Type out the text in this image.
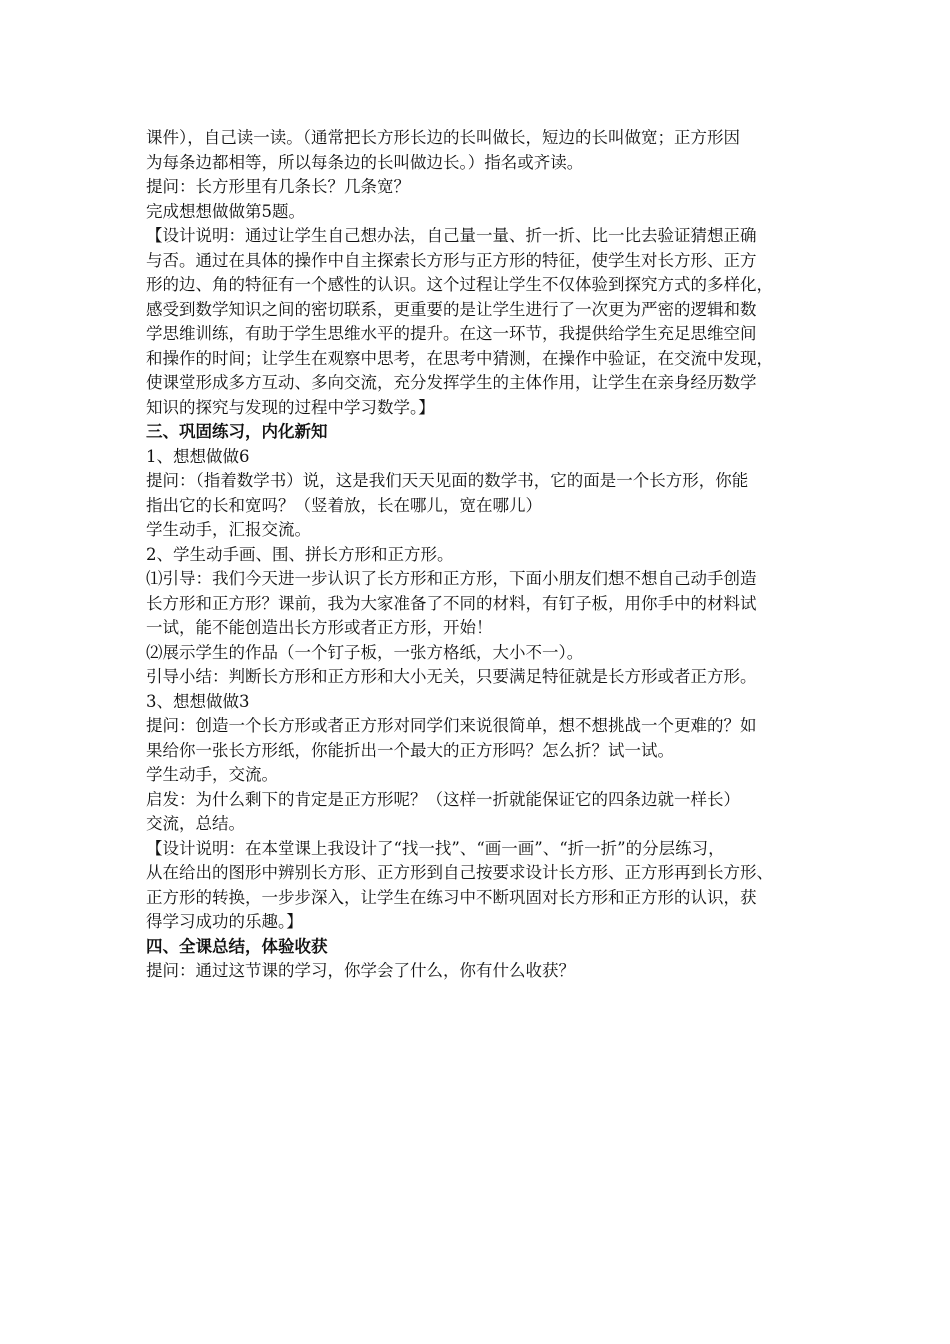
课件），自己读一读。（通常把长方形长边的长叫做长，短边的长叫做宽；正方形因
为每条边都相等，所以每条边的长叫做边长。）指名或齐读。
提问：长方形里有几条长？几条宽？
完成想想做做第5题。
【设计说明：通过让学生自己想办法，自己量一量、折一折、比一比去验证猜想正确
与否。通过在具体的操作中自主探索长方形与正方形的特征，使学生对长方形、正方
形的边、角的特征有一个感性的认识。这个过程让学生不仅体验到探究方式的多样化，
感受到数学知识之间的密切联系，更重要的是让学生进行了一次更为严密的逻辑和数
学思维训练，有助于学生思维水平的提升。在这一环节，我提供给学生充足思维空间
和操作的时间；让学生在观察中思考，在思考中猜测，在操作中验证，在交流中发现，
使课堂形成多方互动、多向交流，充分发挥学生的主体作用，让学生在亲身经历数学
知识的探究与发现的过程中学习数学。】
三、巩固练习，内化新知
1、想想做做6
提问：（指着数学书）说，这是我们天天见面的数学书，它的面是一个长方形，你能
指出它的长和宽吗？（竖着放，长在哪儿，宽在哪儿）
学生动手，汇报交流。
2、学生动手画、围、拼长方形和正方形。
⑴引导：我们今天进一步认识了长方形和正方形，下面小朋友们想不想自己动手创造
长方形和正方形？课前，我为大家准备了不同的材料，有钉子板，用你手中的材料试
一试，能不能创造出长方形或者正方形，开始！
⑵展示学生的作品（一个钉子板，一张方格纸，大小不一）。
引导小结：判断长方形和正方形和大小无关，只要满足特征就是长方形或者正方形。
3、想想做做3
提问：创造一个长方形或者正方形对同学们来说很简单，想不想挑战一个更难的？如
果给你一张长方形纸，你能折出一个最大的正方形吗？怎么折？试一试。
学生动手，交流。
启发：为什么剩下的肯定是正方形呢？（这样一折就能保证它的四条边就一样长）
交流，总结。
【设计说明：在本堂课上我设计了“找一找”、“画一画”、“折一折”的分层练习，
从在给出的图形中辨别长方形、正方形到自己按要求设计长方形、正方形再到长方形、
正方形的转换，一步步深入，让学生在练习中不断巩固对长方形和正方形的认识，获
得学习成功的乐趣。】
四、全课总结，体验收获
提问：通过这节课的学习，你学会了什么，你有什么收获？
